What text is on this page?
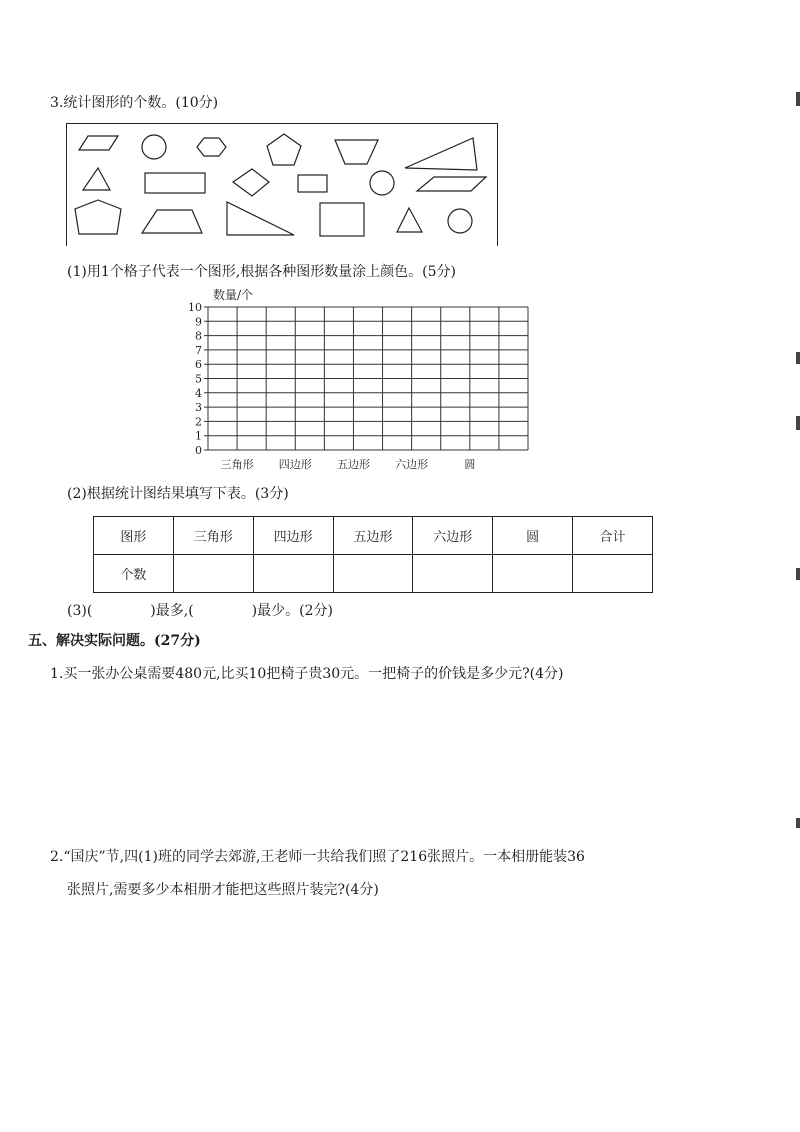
3.统计图形的个数。(10分)
(1)用1个格子代表一个图形,根据各种图形数量涂上颜色。(5分)
0
1
2
3
4
5
6
7
8
9
10
三角形 四边形 五边形 六边形	圆
数量/个
(2)根据统计图结果填写下表。(3分)
图形	三角形	四边形	五边形	六边形	圆	合计
个数						
(3)(	)最多,(	)最少。(2分)
五、解决实际问题。(27分)
1.买一张办公桌需要480元,比买10把椅子贵30元。一把椅子的价钱是多少元?(4分)
2.“国庆”节,四(1)班的同学去郊游,王老师一共给我们照了216张照片。一本相册能装36
张照片,需要多少本相册才能把这些照片装完?(4分)
